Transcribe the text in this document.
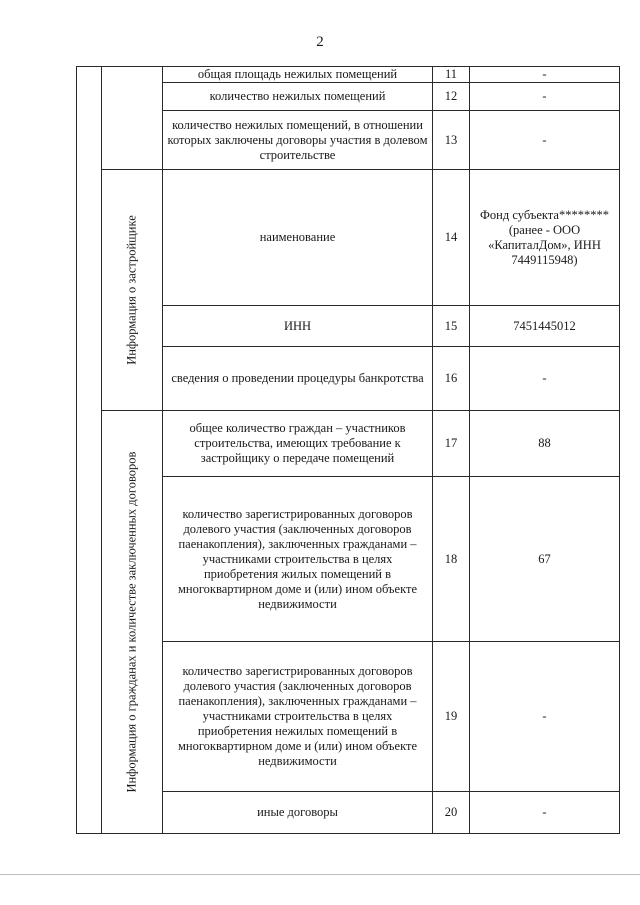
2
		общая площадь нежилых помещений	11	-
		количество нежилых помещений	12	-
		количество нежилых помещений, в отношении которых заключены договоры участия в долевом строительстве	13	-

	Информация о застройщике	наименование	14	Фонд субъекта******** (ранее - ООО «КапиталДом», ИНН 7449115948)
		ИНН	15	7451445012
		сведения о проведении процедуры банкротства	16	-

	Информация о гражданах и количестве заключенных договоров	общее количество граждан – участников строительства, имеющих требование к застройщику о передаче помещений	17	88
		количество зарегистрированных договоров долевого участия (заключенных договоров паенакопления), заключенных гражданами – участниками строительства в целях приобретения жилых помещений в многоквартирном доме и (или) ином объекте недвижимости	18	67
		количество зарегистрированных договоров долевого участия (заключенных договоров паенакопления), заключенных гражданами – участниками строительства в целях приобретения нежилых помещений в многоквартирном доме и (или) ином объекте недвижимости	19	-
		иные договоры	20	-
